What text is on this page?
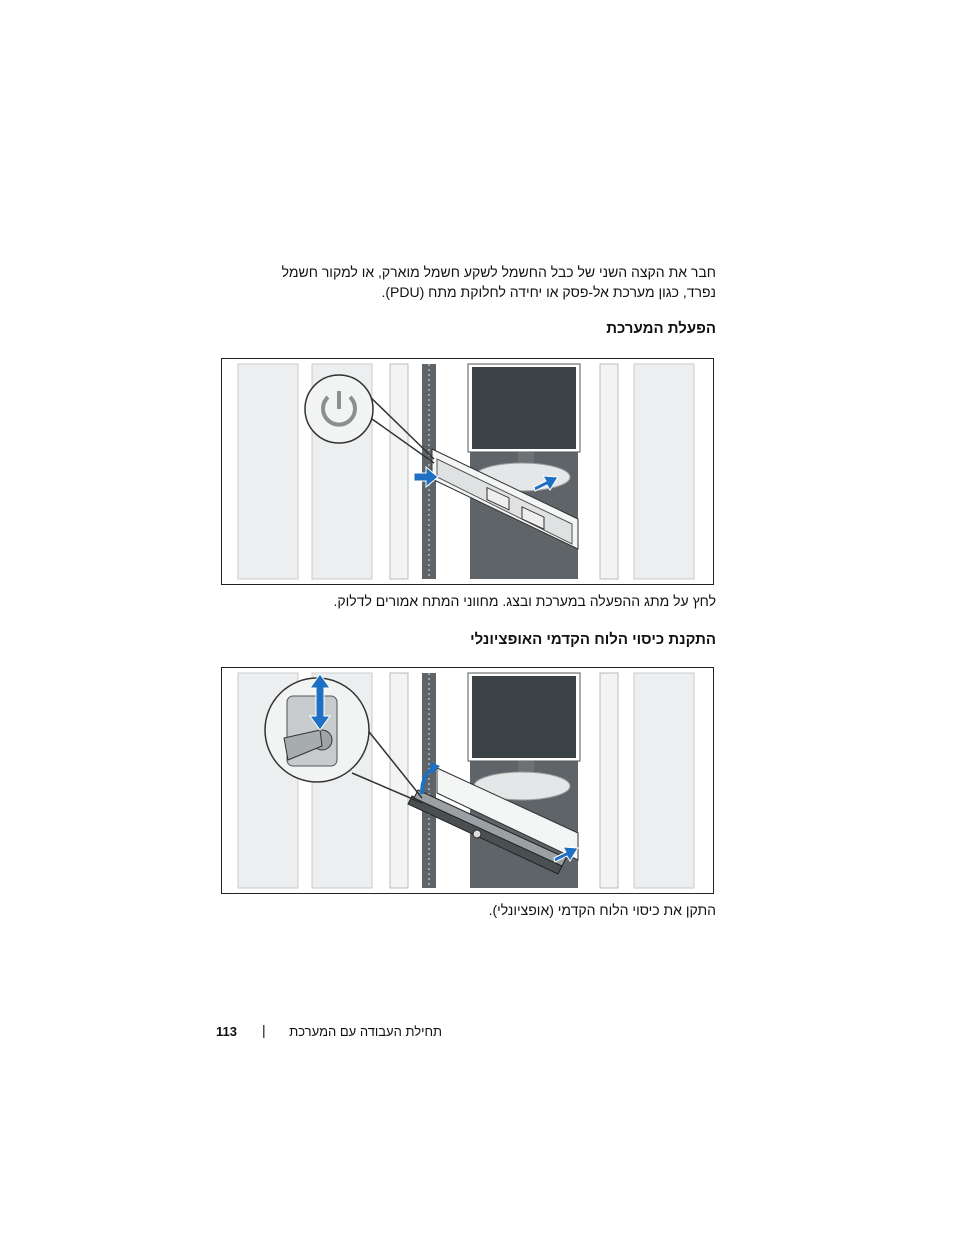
חבר את הקצה השני של כבל החשמל לשקע חשמל מוארק, או למקור חשמל
נפרד, כגון מערכת אל-פסק או יחידה לחלוקת מתח (PDU).
הפעלת המערכת
לחץ על מתג ההפעלה במערכת ובצג. מחווני המתח אמורים לדלוק.
התקנת כיסוי הלוח הקדמי האופציונלי
התקן את כיסוי הלוח הקדמי (אופציונלי).
113 |	תחילת העבודה עם המערכת
